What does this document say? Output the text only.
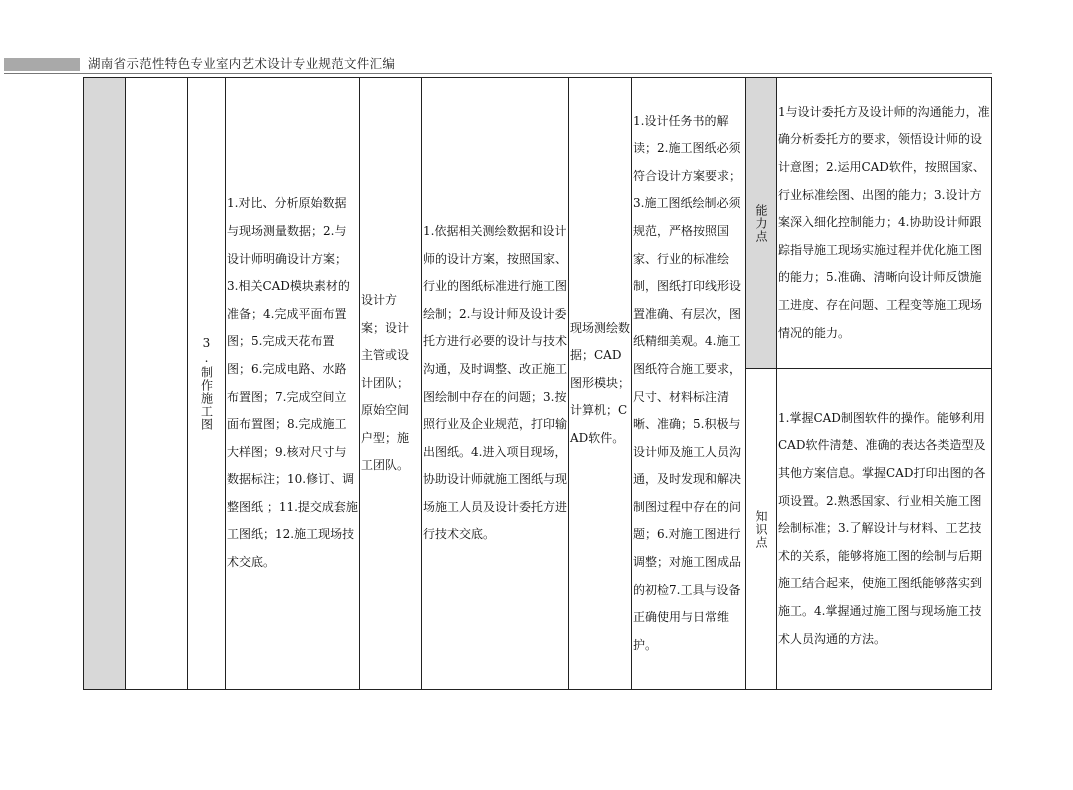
湖南省示范性特色专业室内艺术设计专业规范文件汇编

		3.制作施工图	1.对比、分析原始数据与现场测量数据；2.与设计师明确设计方案；3.相关CAD模块素材的准备；4.完成平面布置图；5.完成天花布置图；6.完成电路、水路布置图；7.完成空间立面布置图；8.完成施工大样图；9.核对尺寸与数据标注；10.修订、调整图纸 ；11.提交成套施工图纸；12.施工现场技术交底。	设计方案；设计主管或设计团队；原始空间户型；施工团队。	1.依据相关测绘数据和设计师的设计方案，按照国家、行业的图纸标准进行施工图绘制；2.与设计师及设计委托方进行必要的设计与技术沟通，及时调整、改正施工图绘制中存在的问题；3.按照行业及企业规范，打印输出图纸。4.进入项目现场，协助设计师就施工图纸与现场施工人员及设计委托方进行技术交底。	现场测绘数据；CAD图形模块；计算机；CAD软件。	1.设计任务书的解读；2.施工图纸必须符合设计方案要求；3.施工图纸绘制必须规范，严格按照国家、行业的标准绘制，图纸打印线形设置准确、有层次，图纸精细美观。4.施工图纸符合施工要求，尺寸、材料标注清晰、准确；5.积极与设计师及施工人员沟通，及时发现和解决制图过程中存在的问题；6.对施工图进行调整；对施工图成品的初检7.工具与设备正确使用与日常维护。	能力点	1与设计委托方及设计师的沟通能力，准确分析委托方的要求，领悟设计师的设计意图；2.运用CAD软件，按照国家、行业标准绘图、出图的能力；3.设计方案深入细化控制能力；4.协助设计师跟踪指导施工现场实施过程并优化施工图的能力；5.准确、清晰向设计师反馈施工进度、存在问题、工程变等施工现场情况的能力。

								知识点	1.掌握CAD制图软件的操作。能够利用CAD软件清楚、准确的表达各类造型及其他方案信息。掌握CAD打印出图的各项设置。2.熟悉国家、行业相关施工图绘制标准；3.了解设计与材料、工艺技术的关系，能够将施工图的绘制与后期施工结合起来，使施工图纸能够落实到施工。4.掌握通过施工图与现场施工技术人员沟通的方法。
